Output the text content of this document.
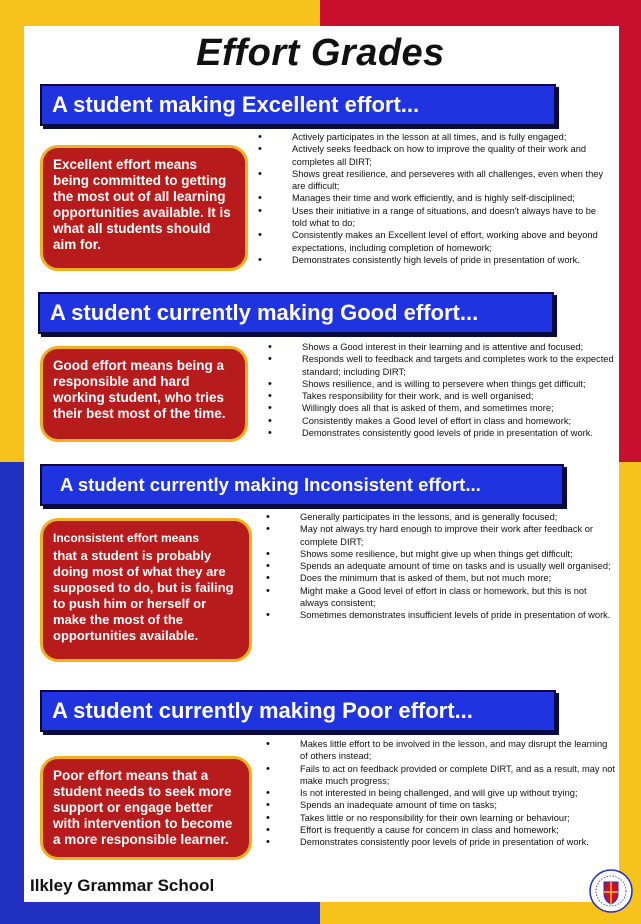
Effort Grades
A student making Excellent effort...
Excellent effort means being committed to getting the most out of all learning opportunities available. It is what all students should aim for.
• Actively participates in the lesson at all times, and is fully engaged;
• Actively seeks feedback on how to improve the quality of their work and completes all DIRT;
• Shows great resilience, and perseveres with all challenges, even when they are difficult;
• Manages their time and work efficiently, and is highly self-disciplined;
• Uses their initiative in a range of situations, and doesn't always have to be told what to do;
• Consistently makes an Excellent level of effort, working above and beyond expectations, including completion of homework;
• Demonstrates consistently high levels of pride in presentation of work.
A student currently making Good effort...
Good effort means being a responsible and hard working student, who tries their best most of the time.
• Shows a Good interest in their learning and is attentive and focused;
• Responds well to feedback and targets and completes work to the expected standard; including DIRT;
• Shows resilience, and is willing to persevere when things get difficult;
• Takes responsibility for their work, and is well organised;
• Willingly does all that is asked of them, and sometimes more;
• Consistently makes a Good level of effort in class and homework;
• Demonstrates consistently good levels of pride in presentation of work.
A student currently making Inconsistent effort...
Inconsistent effort means
that a student is probably doing most of what they are supposed to do, but is failing to push him or herself or make the most of the opportunities available.
• Generally participates in the lessons, and is generally focused;
• May not always try hard enough to improve their work after feedback or complete DIRT;
• Shows some resilience, but might give up when things get difficult;
• Spends an adequate amount of time on tasks and is usually well organised;
• Does the minimum that is asked of them, but not much more;
• Might make a Good level of effort in class or homework, but this is not always consistent;
• Sometimes demonstrates insufficient levels of pride in presentation of work.
A student currently making Poor effort...
Poor effort means that a student needs to seek more support or engage better with intervention to become a more responsible learner.
• Makes little effort to be involved in the lesson, and may disrupt the learning of others instead;
• Fails to act on feedback provided or complete DIRT, and as a result, may not make much progress;
• Is not interested in being challenged, and will give up without trying;
• Spends an inadequate amount of time on tasks;
• Takes little or no responsibility for their own learning or behaviour;
• Effort is frequently a cause for concern in class and homework;
• Demonstrates consistently poor levels of pride in presentation of work.
Ilkley Grammar School
